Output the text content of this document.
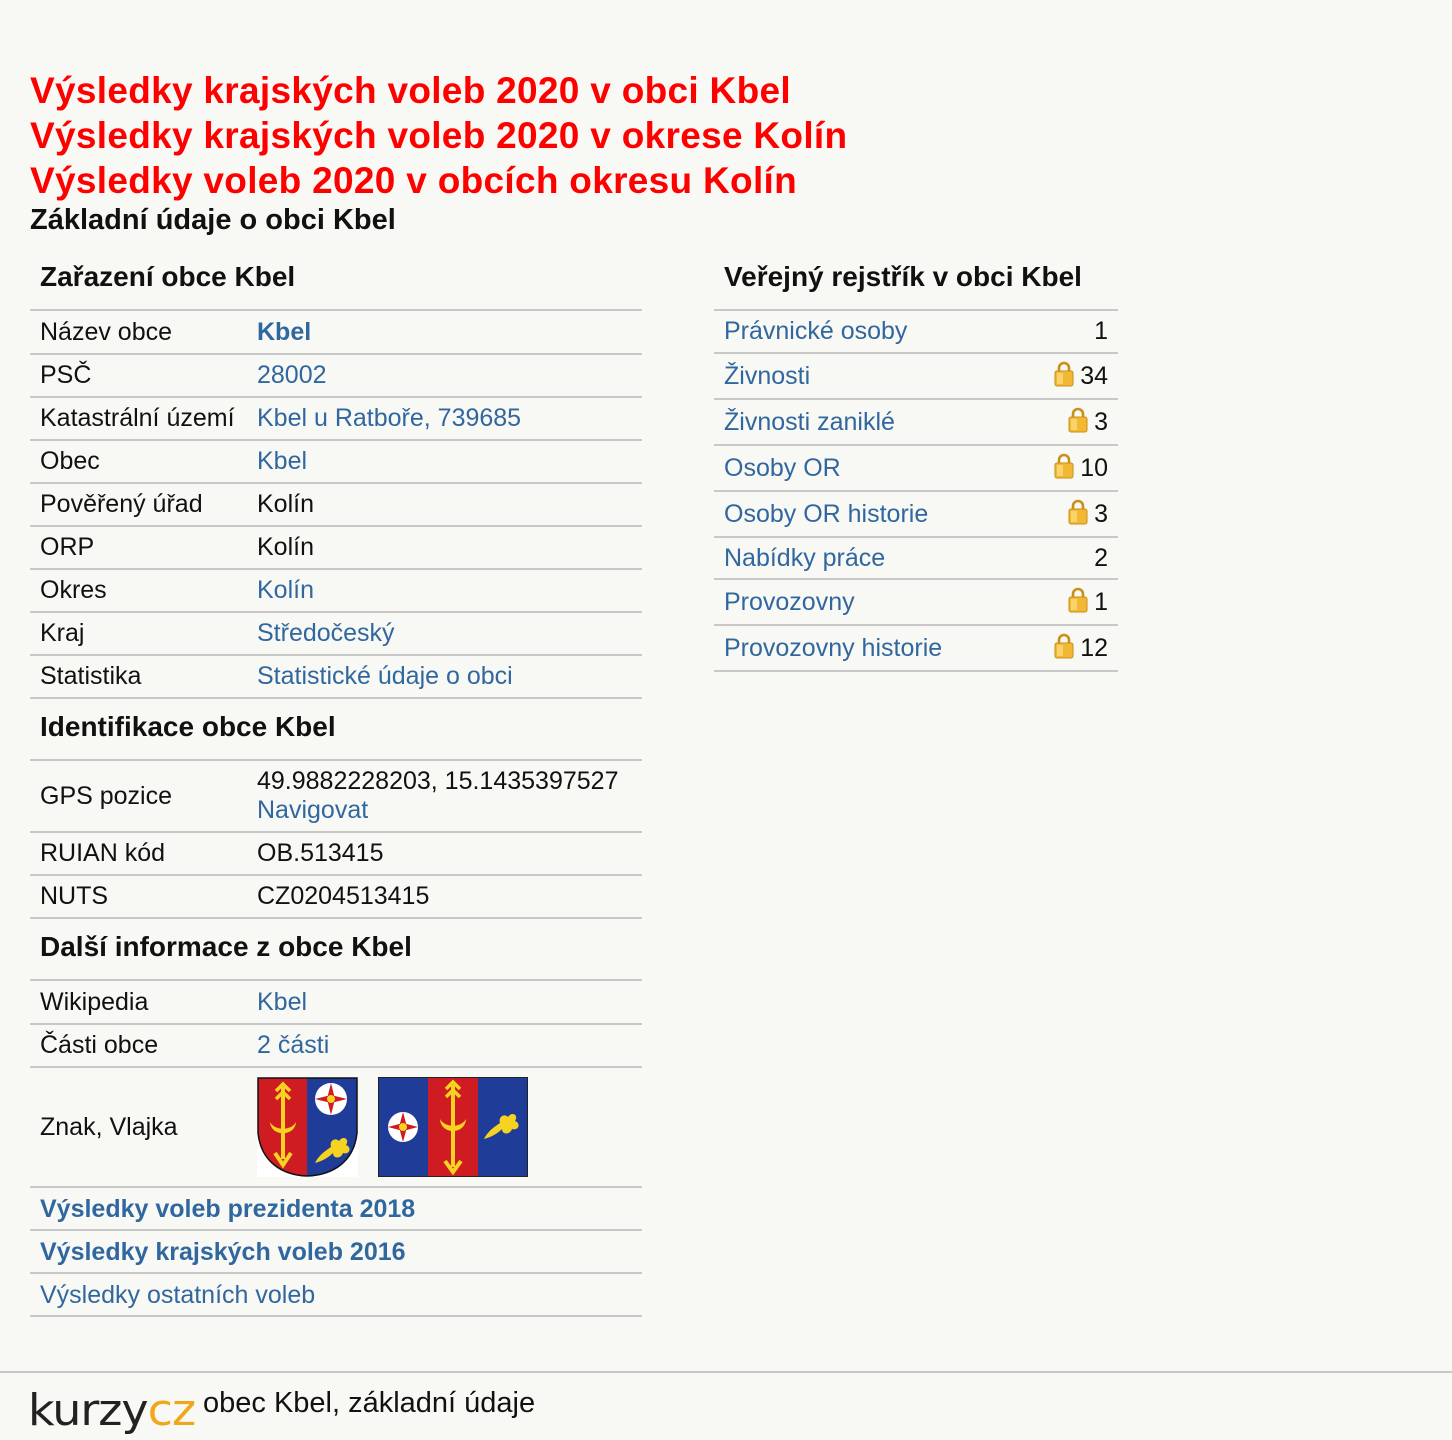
Výsledky krajských voleb 2020 v obci Kbel
Výsledky krajských voleb 2020 v okrese Kolín
Výsledky voleb 2020 v obcích okresu Kolín
Základní údaje o obci Kbel
Zařazení obce Kbel
Název obce	Kbel
PSČ	28002
Katastrální území	Kbel u Ratboře, 739685
Obec	Kbel
Pověřený úřad	Kolín
ORP	Kolín
Okres	Kolín
Kraj	Středočeský
Statistika	Statistické údaje o obci
Identifikace obce Kbel
GPS pozice	49.9882228203, 15.1435397527
Navigovat
RUIAN kód	OB.513415
NUTS	CZ0204513415
Další informace z obce Kbel
Wikipedia	Kbel
Části obce	2 části
Znak, Vlajka	
Výsledky voleb prezidenta 2018
Výsledky krajských voleb 2016
Výsledky ostatních voleb
Veřejný rejstřík v obci Kbel
Právnické osoby	1
Živnosti	34
Živnosti zaniklé	3
Osoby OR	10
Osoby OR historie	3
Nabídky práce	2
Provozovny	1
Provozovny historie	12
kurzycz obec Kbel, základní údaje
